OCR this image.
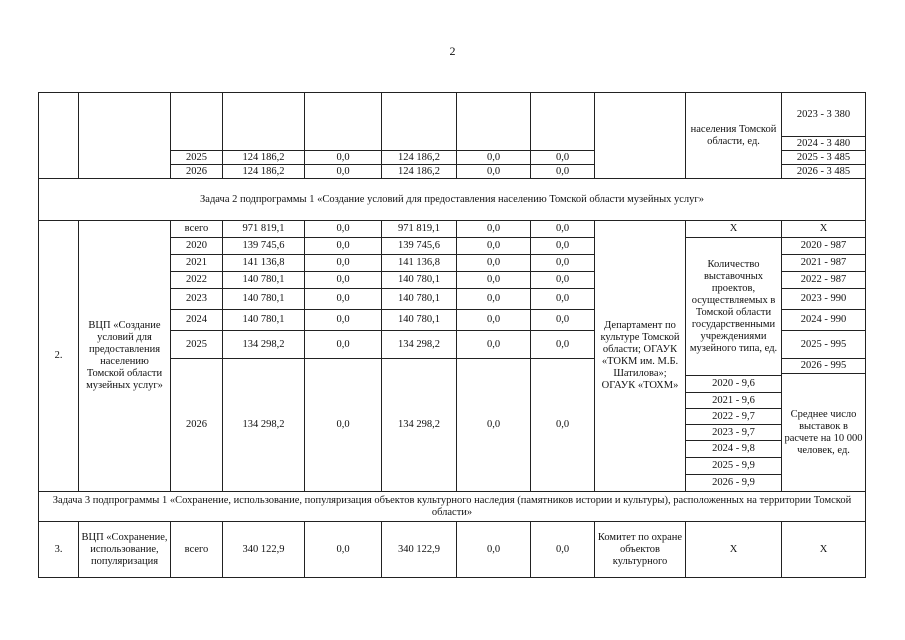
2
									населения Томской области, ед.	2023 - 3 380
										2024 - 3 480
		2025	124 186,2	0,0	124 186,2	0,0	0,0			2025 - 3 485
		2026	124 186,2	0,0	124 186,2	0,0	0,0			2026 - 3 485
Задача 2 подпрограммы 1 «Создание условий для предоставления населению Томской области музейных услуг»										
2.	ВЦП «Создание условий для предоставления населению Томской области музейных услуг»	всего	971 819,1	0,0	971 819,1	0,0	0,0	Департамент по культуре Томской области; ОГАУК «ТОКМ им. М.Б. Шатилова»; ОГАУК «ТОХМ»	X	X
		2020	139 745,6	0,0	139 745,6	0,0	0,0		Количество выставочных проектов, осуществляемых в Томской области государственными учреждениями музейного типа, ед.	2020 - 987
		2021	141 136,8	0,0	141 136,8	0,0	0,0			2021 - 987
		2022	140 780,1	0,0	140 780,1	0,0	0,0			2022 - 987
		2023	140 780,1	0,0	140 780,1	0,0	0,0			2023 - 990
		2024	140 780,1	0,0	140 780,1	0,0	0,0			2024 - 990
		2025	134 298,2	0,0	134 298,2	0,0	0,0			2025 - 995
		2026	134 298,2	0,0	134 298,2	0,0	0,0			2026 - 995
										Среднее число выставок в расчете на 10 000 человек, ед.
									2020 - 9,6	
									2021 - 9,6	
									2022 - 9,7	
									2023 - 9,7	
									2024 - 9,8	
									2025 - 9,9	
									2026 - 9,9	
Задача 3 подпрограммы 1 «Сохранение, использование, популяризация объектов культурного наследия (памятников истории и культуры), расположенных на территории Томской области»										
3.	ВЦП «Сохранение, использование, популяризация	всего	340 122,9	0,0	340 122,9	0,0	0,0	Комитет по охране объектов культурного	X	X
